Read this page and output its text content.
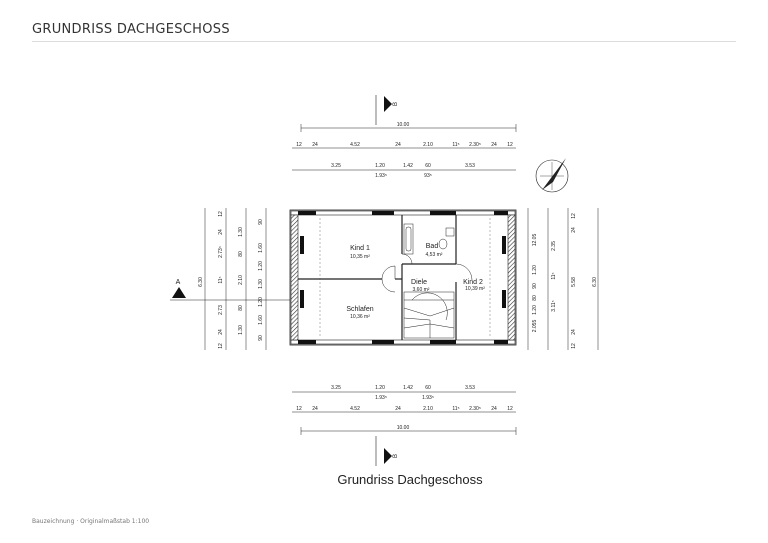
GRUNDRISS DACHGESCHOSS
B
10.00
12 24	4.52	24	2.10	11⁵ 2.30⁵ 24 12
3.25	1.20	1.42 60	3.53
1.93⁵	93⁵
6.30
12
24
2.73⁵
11⁵
2.73
24
12
1.30
80
2.10
80
1.30
90
1.60
1.20
1.30
1.20
1.60
90
A	6.30
12
24
5.58
24
12
2.35
11⁵
3.11⁵
12.05
1.20
90
80
1.20
2.055
Kind 1	Bad
Diele	Kind 2
Schlafen
10,35 m²	4,53 m²
3,60 m²	10,39 m²
10,36 m²
3.25	1.20	1.42 60	3.53
1.93⁵	1.93⁵
12 24	4.52	24	2.10	11⁵ 2.30⁵ 24 12
10.00
B
Grundriss Dachgeschoss
Bauzeichnung · Originalmaßstab 1:100
